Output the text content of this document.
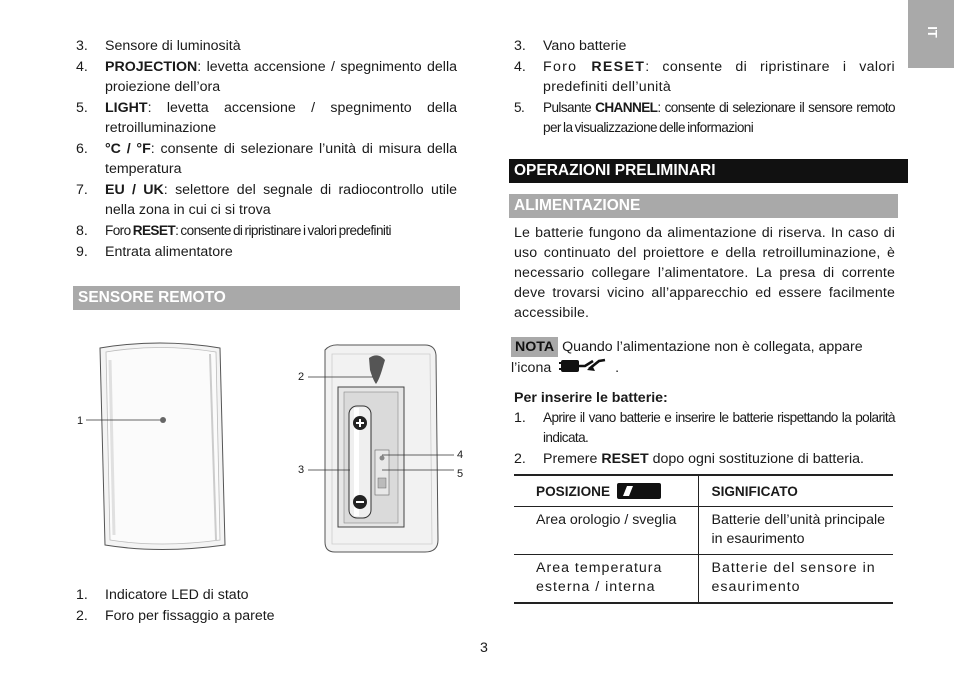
IT
3. Sensore di luminosità
4. PROJECTION: levetta accensione / spegnimento della proiezione dell’ora
5. LIGHT: levetta accensione / spegnimento della retroilluminazione
6. °C / °F: consente di selezionare l’unità di misura della temperatura
7. EU / UK: selettore del segnale di radiocontrollo utile nella zona in cui ci si trova
8. Foro RESET: consente di ripristinare i valori predefiniti
9. Entrata alimentatore
SENSORE REMOTO
1
2
3
4
5
1. Indicatore LED di stato
2. Foro per fissaggio a parete
3. Vano batterie
4. Foro RESET: consente di ripristinare i valori predefiniti dell’unità
5. Pulsante CHANNEL: consente di selezionare il sensore remoto per la visualizzazione delle informazioni
OPERAZIONI PRELIMINARI
ALIMENTAZIONE
Le batterie fungono da alimentazione di riserva. In caso di uso continuato del proiettore e della retroilluminazione, è necessario collegare l’alimentatore. La presa di corrente deve trovarsi vicino all’apparecchio ed essere facilmente accessibile.
NOTA Quando l’alimentazione non è collegata, appare l’icona	.
Per inserire le batterie:
1. Aprire il vano batterie e inserire le batterie rispettando la polarità indicata.
2. Premere RESET dopo ogni sostituzione di batteria.
POSIZIONE	SIGNIFICATO
Area orologio / sveglia	Batterie dell’unità principale in esaurimento
Area temperatura esterna / interna	Batterie del sensore in esaurimento
3
